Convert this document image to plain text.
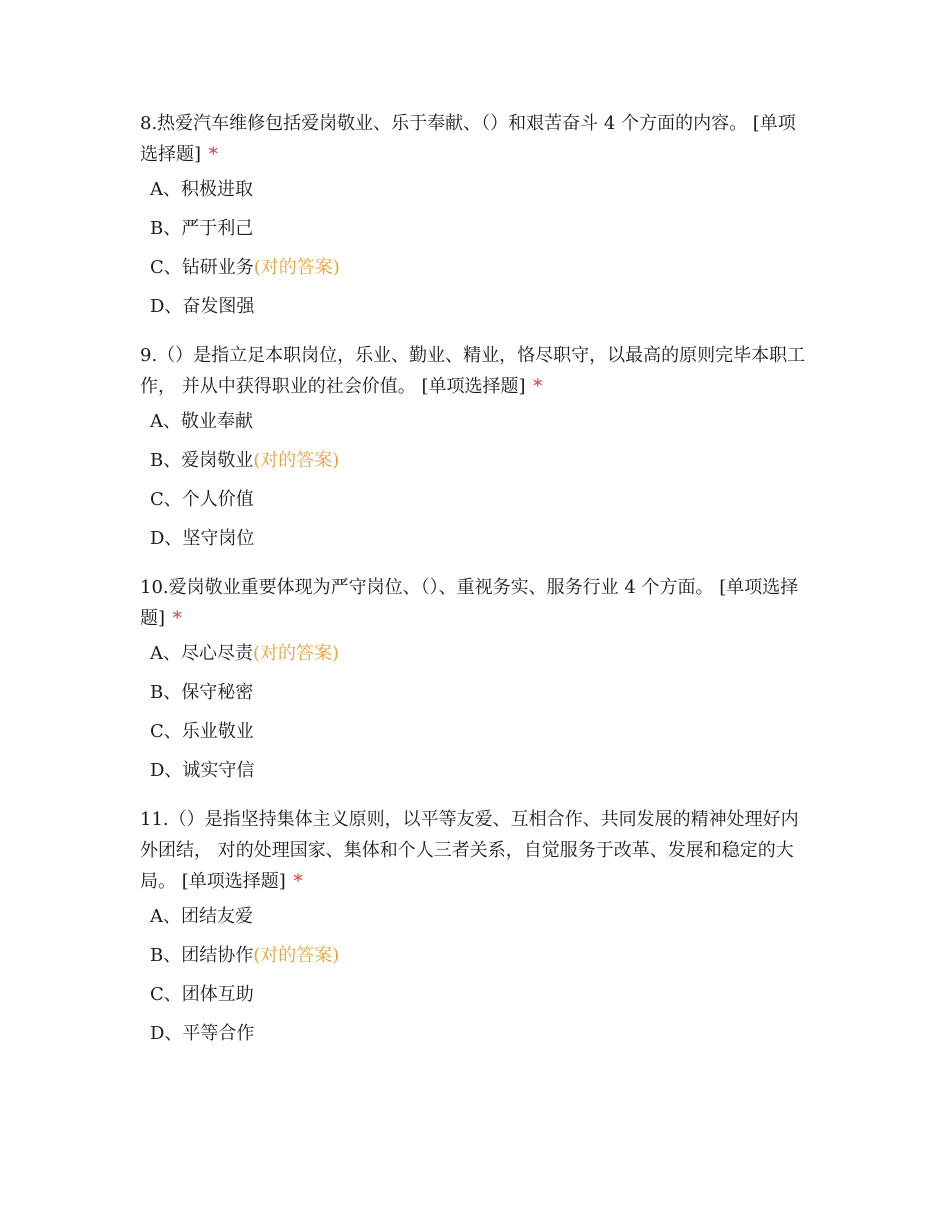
8.热爱汽车维修包括爱岗敬业、乐于奉献、（）和艰苦奋斗 4 个方面的内容。 [单项选择题] *

A、积极进取
B、严于利己
C、钻研业务(对的答案)
D、奋发图强

9.（）是指立足本职岗位，乐业、勤业、精业，恪尽职守，以最高的原则完毕本职工作， 并从中获得职业的社会价值。 [单项选择题] *

A、敬业奉献
B、爱岗敬业(对的答案)
C、个人价值
D、坚守岗位

10.爱岗敬业重要体现为严守岗位、（）、重视务实、服务行业 4 个方面。 [单项选择题] *

A、尽心尽责(对的答案)
B、保守秘密
C、乐业敬业
D、诚实守信

11.（）是指坚持集体主义原则，以平等友爱、互相合作、共同发展的精神处理好内外团结， 对的处理国家、集体和个人三者关系，自觉服务于改革、发展和稳定的大局。 [单项选择题] *

A、团结友爱
B、团结协作(对的答案)
C、团体互助
D、平等合作
